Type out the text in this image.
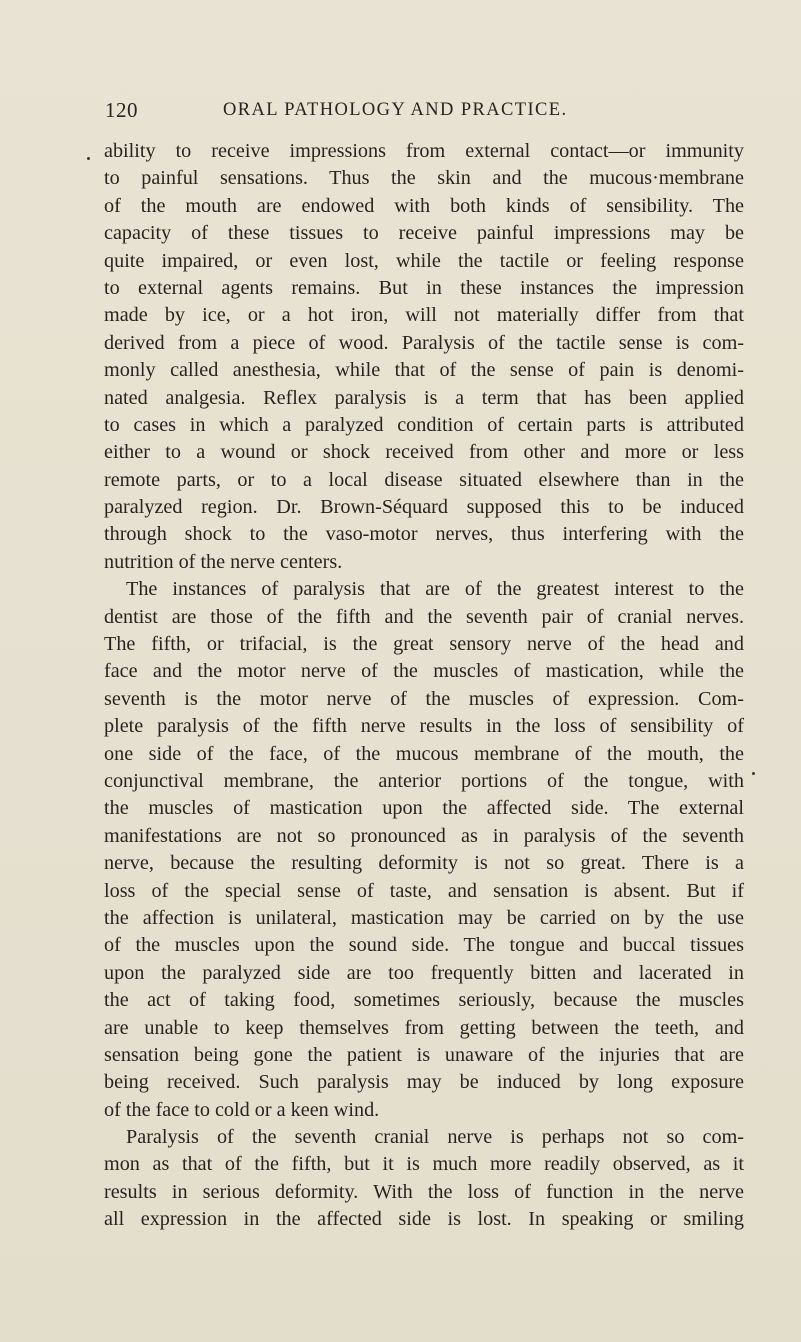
120	ORAL PATHOLOGY AND PRACTICE.
ability to receive impressions from external contact—or immunity
to painful sensations. Thus the skin and the mucous·membrane
of the mouth are endowed with both kinds of sensibility. The
capacity of these tissues to receive painful impressions may be
quite impaired, or even lost, while the tactile or feeling response
to external agents remains. But in these instances the impression
made by ice, or a hot iron, will not materially differ from that
derived from a piece of wood. Paralysis of the tactile sense is com-
monly called anesthesia, while that of the sense of pain is denomi-
nated analgesia. Reflex paralysis is a term that has been applied
to cases in which a paralyzed condition of certain parts is attributed
either to a wound or shock received from other and more or less
remote parts, or to a local disease situated elsewhere than in the
paralyzed region. Dr. Brown-Séquard supposed this to be induced
through shock to the vaso-motor nerves, thus interfering with the
nutrition of the nerve centers.
The instances of paralysis that are of the greatest interest to the
dentist are those of the fifth and the seventh pair of cranial nerves.
The fifth, or trifacial, is the great sensory nerve of the head and
face and the motor nerve of the muscles of mastication, while the
seventh is the motor nerve of the muscles of expression. Com-
plete paralysis of the fifth nerve results in the loss of sensibility of
one side of the face, of the mucous membrane of the mouth, the
conjunctival membrane, the anterior portions of the tongue, with
the muscles of mastication upon the affected side. The external
manifestations are not so pronounced as in paralysis of the seventh
nerve, because the resulting deformity is not so great. There is a
loss of the special sense of taste, and sensation is absent. But if
the affection is unilateral, mastication may be carried on by the use
of the muscles upon the sound side. The tongue and buccal tissues
upon the paralyzed side are too frequently bitten and lacerated in
the act of taking food, sometimes seriously, because the muscles
are unable to keep themselves from getting between the teeth, and
sensation being gone the patient is unaware of the injuries that are
being received. Such paralysis may be induced by long exposure
of the face to cold or a keen wind.
Paralysis of the seventh cranial nerve is perhaps not so com-
mon as that of the fifth, but it is much more readily observed, as it
results in serious deformity. With the loss of function in the nerve
all expression in the affected side is lost. In speaking or smiling
